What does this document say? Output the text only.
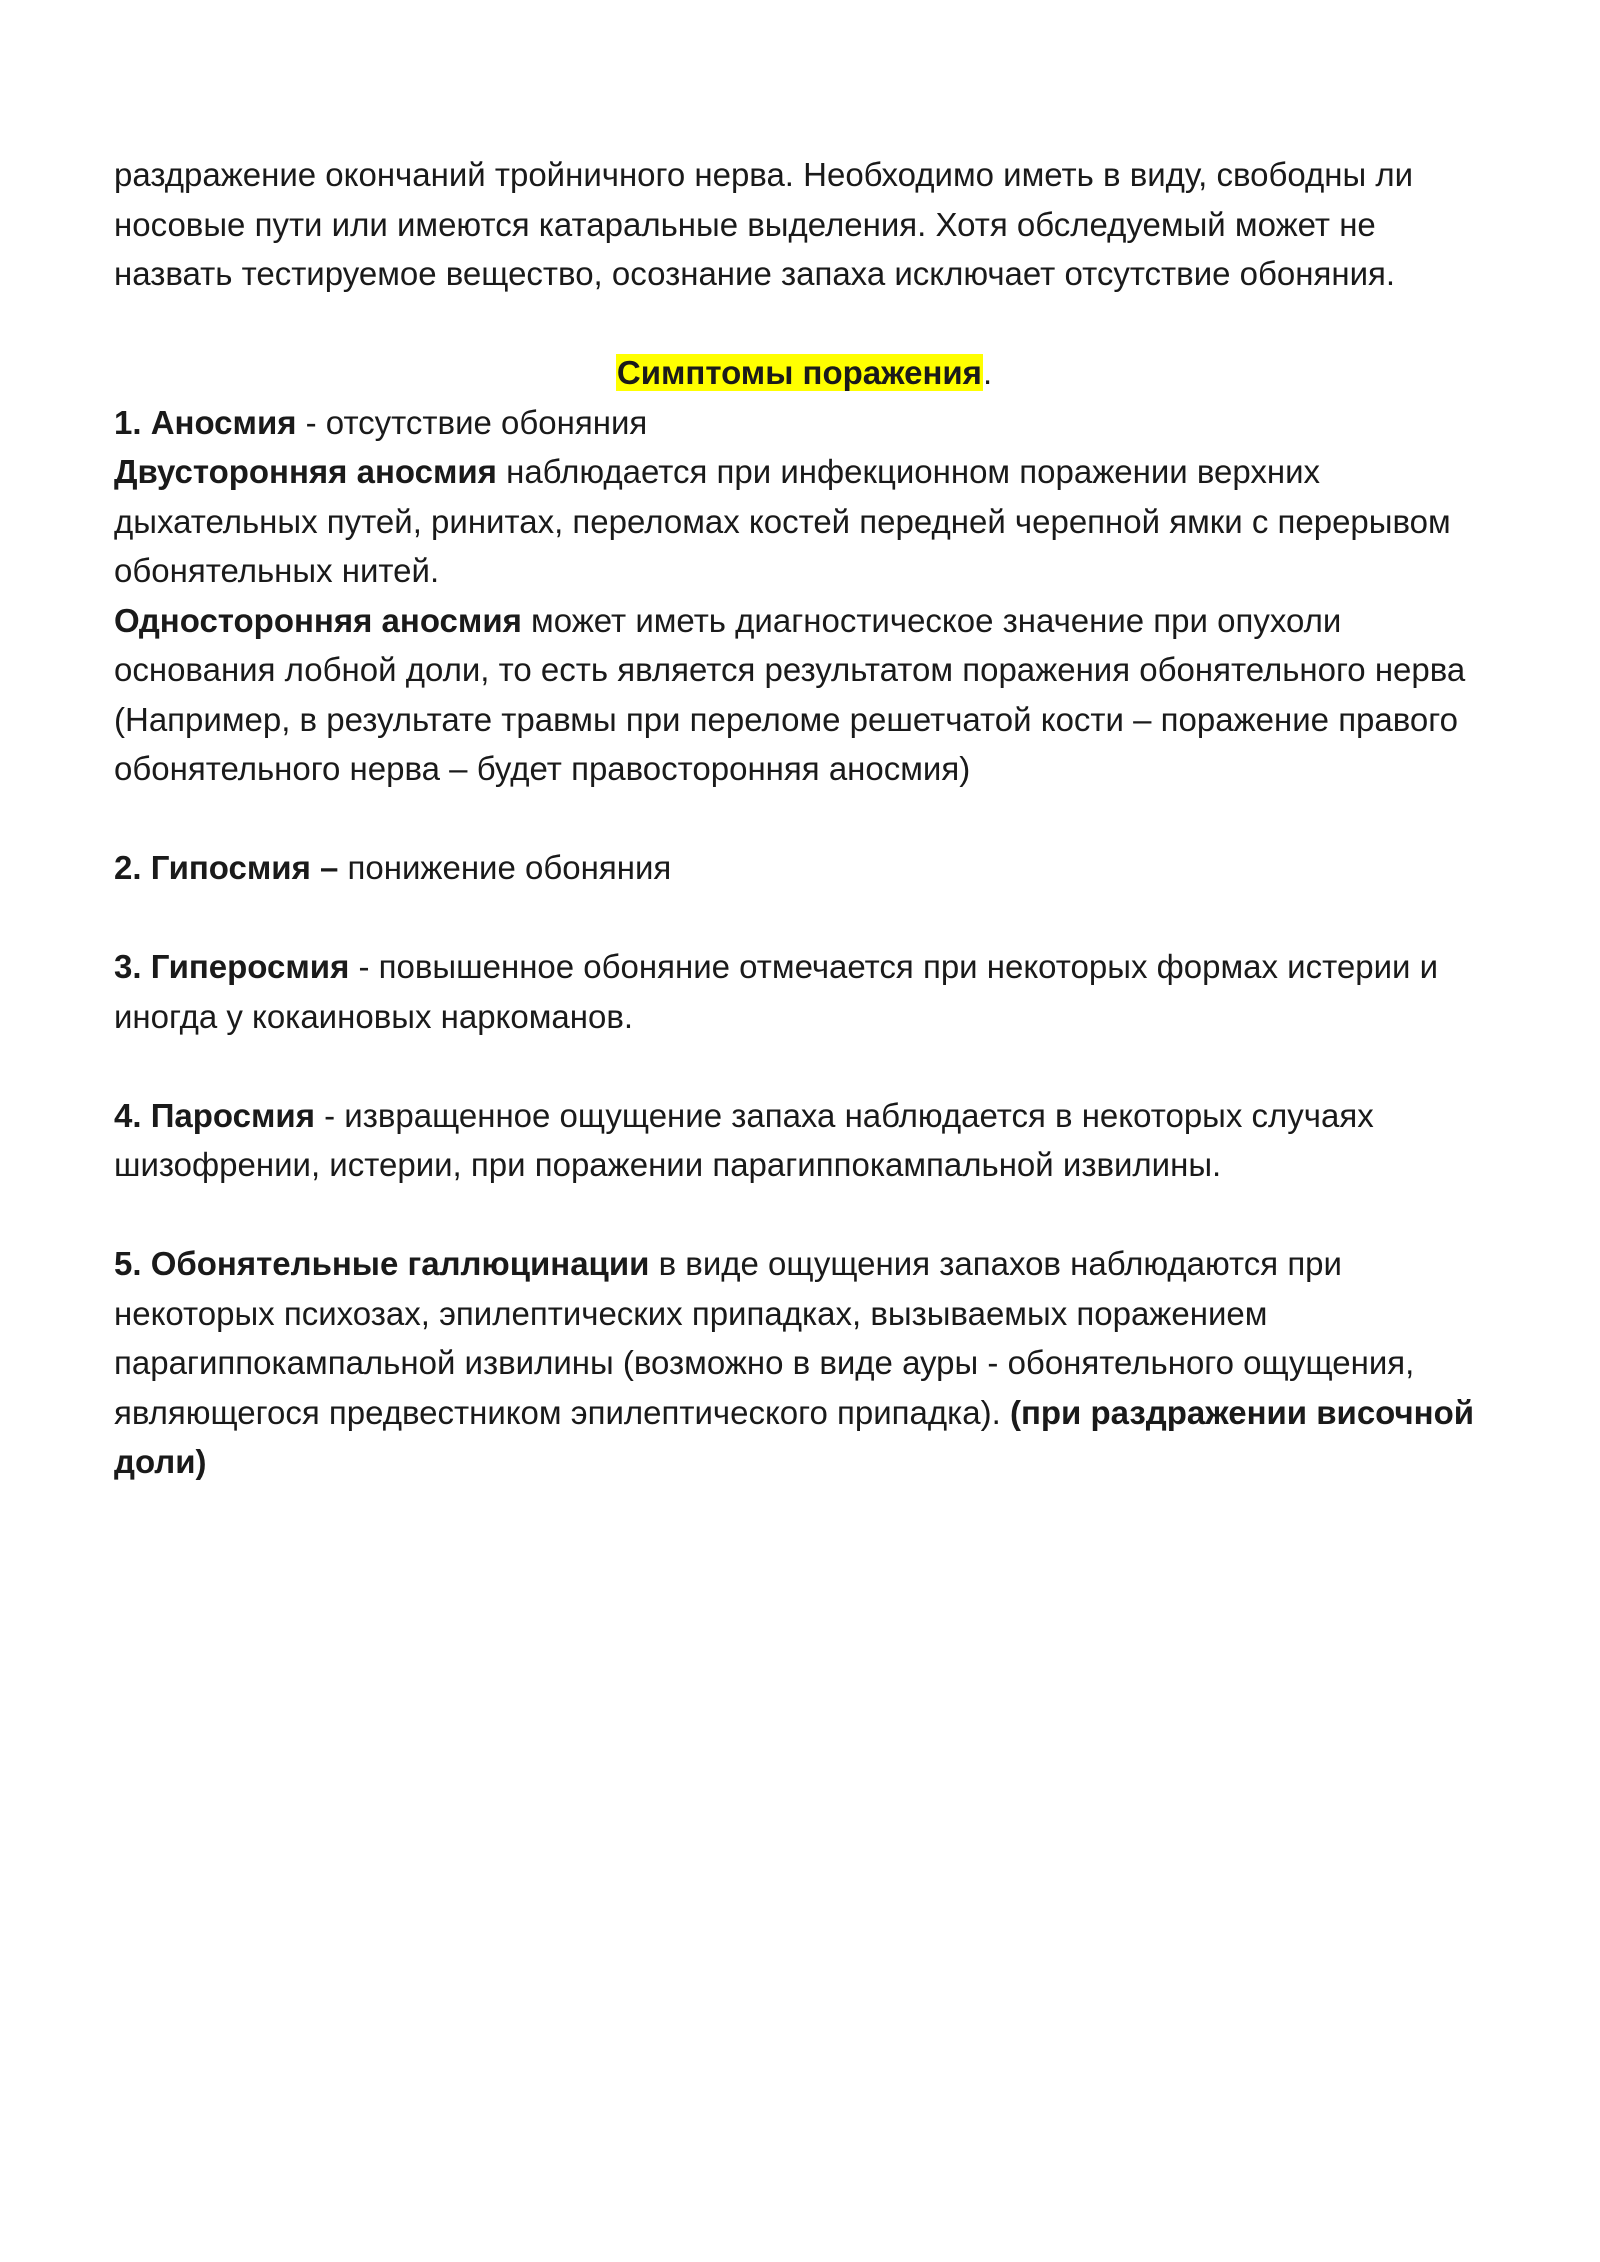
раздражение окончаний тройничного нерва. Необходимо иметь в виду, свободны ли носовые пути или имеются катаральные выделения. Хотя обследуемый может не назвать тестируемое вещество, осознание запаха исключает отсутствие обоняния.

Симптомы поражения.

1. Аносмия - отсутствие обоняния

Двусторонняя аносмия наблюдается при инфекционном поражении верхних дыхательных путей, ринитах, переломах костей передней черепной ямки с перерывом обонятельных нитей.

Односторонняя аносмия может иметь диагностическое значение при опухоли основания лобной доли, то есть является результатом поражения обонятельного нерва (Например, в результате травмы при переломе решетчатой кости – поражение правого обонятельного нерва – будет правосторонняя аносмия)

2. Гипосмия – понижение обоняния

3. Гиперосмия - повышенное обоняние отмечается при некоторых формах истерии и иногда у кокаиновых наркоманов.

4. Паросмия - извращенное ощущение запаха наблюдается в некоторых случаях шизофрении, истерии, при поражении парагиппокампальной извилины.

5. Обонятельные галлюцинации в виде ощущения запахов наблюдаются при некоторых психозах, эпилептических припадках, вызываемых поражением парагиппокампальной извилины (возможно в виде ауры - обонятельного ощущения, являющегося предвестником эпилептического припадка). (при раздражении височной доли)
